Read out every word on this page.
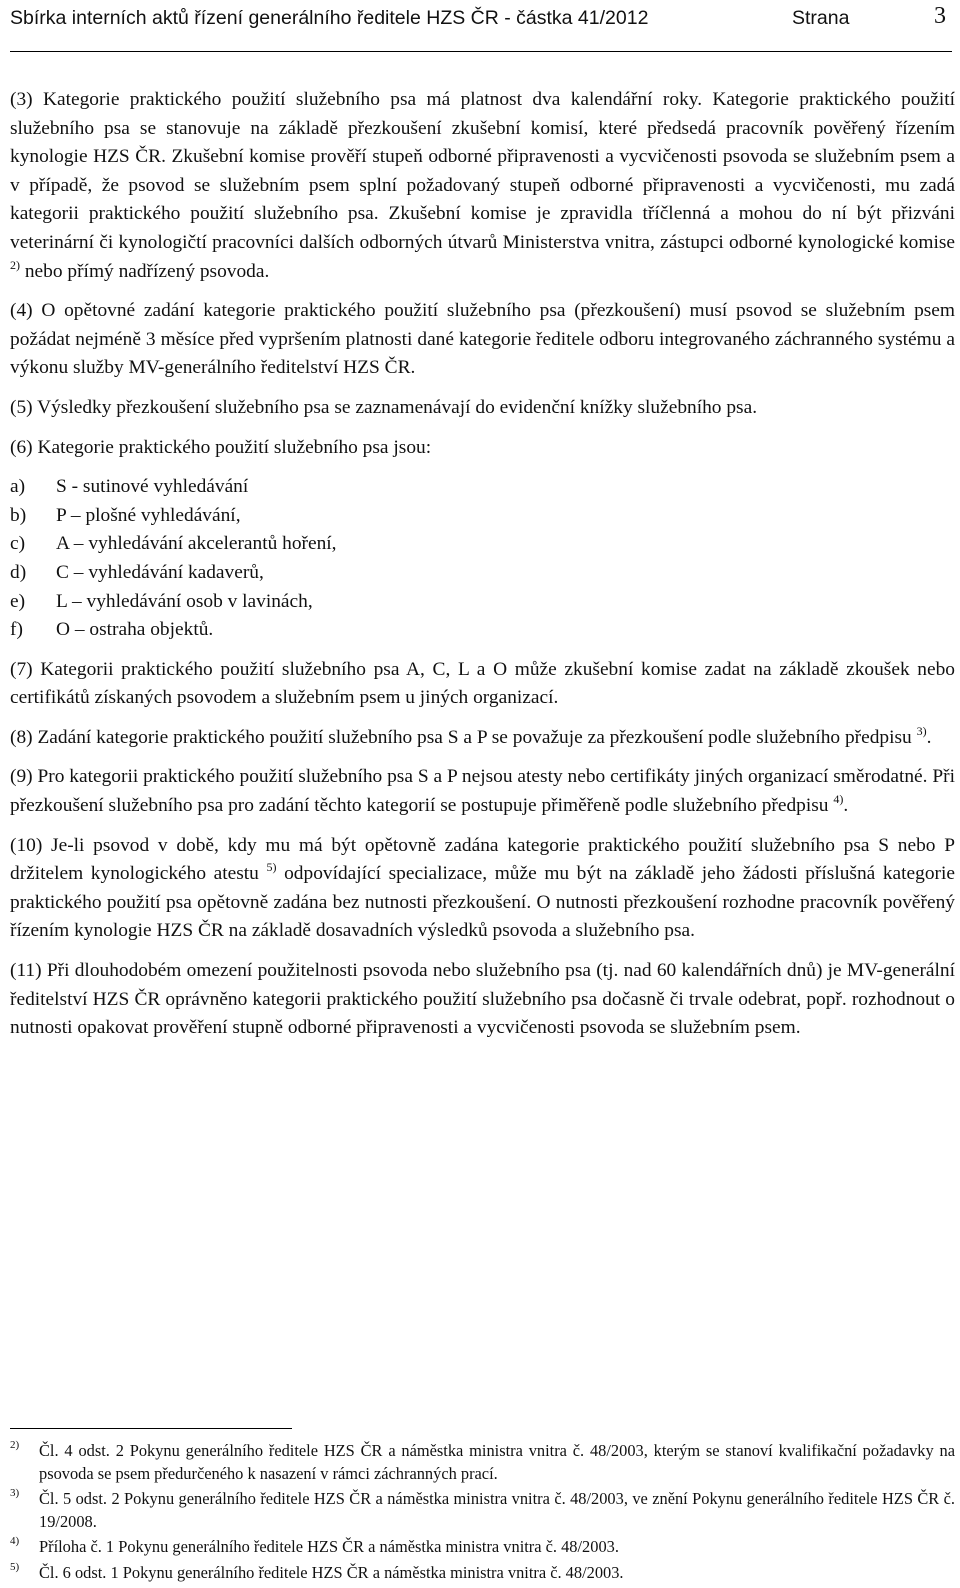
Sbírka interních aktů řízení generálního ředitele HZS ČR - částka 41/2012	Strana	3

(3) Kategorie praktického použití služebního psa má platnost dva kalendářní roky. Kategorie praktického použití služebního psa se stanovuje na základě přezkoušení zkušební komisí, které předsedá pracovník pověřený řízením kynologie HZS ČR. Zkušební komise prověří stupeň odborné připravenosti a vycvičenosti psovoda se služebním psem a v případě, že psovod se služebním psem splní požadovaný stupeň odborné připravenosti a vycvičenosti, mu zadá kategorii praktického použití služebního psa. Zkušební komise je zpravidla tříčlenná a mohou do ní být přizváni veterinární či kynologičtí pracovníci dalších odborných útvarů Ministerstva vnitra, zástupci odborné kynologické komise $^{2)}$ nebo přímý nadřízený psovoda.

(4) O opětovné zadání kategorie praktického použití služebního psa (přezkoušení) musí psovod se služebním psem požádat nejméně 3 měsíce před vypršením platnosti dané kategorie ředitele odboru integrovaného záchranného systému a výkonu služby MV-generálního ředitelství HZS ČR.

(5) Výsledky přezkoušení služebního psa se zaznamenávají do evidenční knížky služebního psa.

(6) Kategorie praktického použití služebního psa jsou:

a)	S - sutinové vyhledávání
b)	P – plošné vyhledávání,
c)	A – vyhledávání akcelerantů hoření,
d)	C – vyhledávání kadaverů,
e)	L – vyhledávání osob v lavinách,
f)	O – ostraha objektů.

(7) Kategorii praktického použití služebního psa A, C, L a O může zkušební komise zadat na základě zkoušek nebo certifikátů získaných psovodem a služebním psem u jiných organizací.

(8) Zadání kategorie praktického použití služebního psa S a P se považuje za přezkoušení podle služebního předpisu $^{3)}$.

(9) Pro kategorii praktického použití služebního psa S a P nejsou atesty nebo certifikáty jiných organizací směrodatné. Při přezkoušení služebního psa pro zadání těchto kategorií se postupuje přiměřeně podle služebního předpisu $^{4)}$.

(10) Je-li psovod v době, kdy mu má být opětovně zadána kategorie praktického použití služebního psa S nebo P držitelem kynologického atestu $^{5)}$ odpovídající specializace, může mu být na základě jeho žádosti příslušná kategorie praktického použití psa opětovně zadána bez nutnosti přezkoušení. O nutnosti přezkoušení rozhodne pracovník pověřený řízením kynologie HZS ČR na základě dosavadních výsledků psovoda a služebního psa.

(11) Při dlouhodobém omezení použitelnosti psovoda nebo služebního psa (tj. nad 60 kalendářních dnů) je MV-generální ředitelství HZS ČR oprávněno kategorii praktického použití služebního psa dočasně či trvale odebrat, popř. rozhodnout o nutnosti opakovat prověření stupně odborné připravenosti a vycvičenosti psovoda se služebním psem.

2) Čl. 4 odst. 2 Pokynu generálního ředitele HZS ČR a náměstka ministra vnitra č. 48/2003, kterým se stanoví kvalifikační požadavky na psovoda se psem předurčeného k nasazení v rámci záchranných prací.
3) Čl. 5 odst. 2 Pokynu generálního ředitele HZS ČR a náměstka ministra vnitra č. 48/2003, ve znění Pokynu generálního ředitele HZS ČR č. 19/2008.
4) Příloha č. 1 Pokynu generálního ředitele HZS ČR a náměstka ministra vnitra č. 48/2003.
5) Čl. 6 odst. 1 Pokynu generálního ředitele HZS ČR a náměstka ministra vnitra č. 48/2003.
